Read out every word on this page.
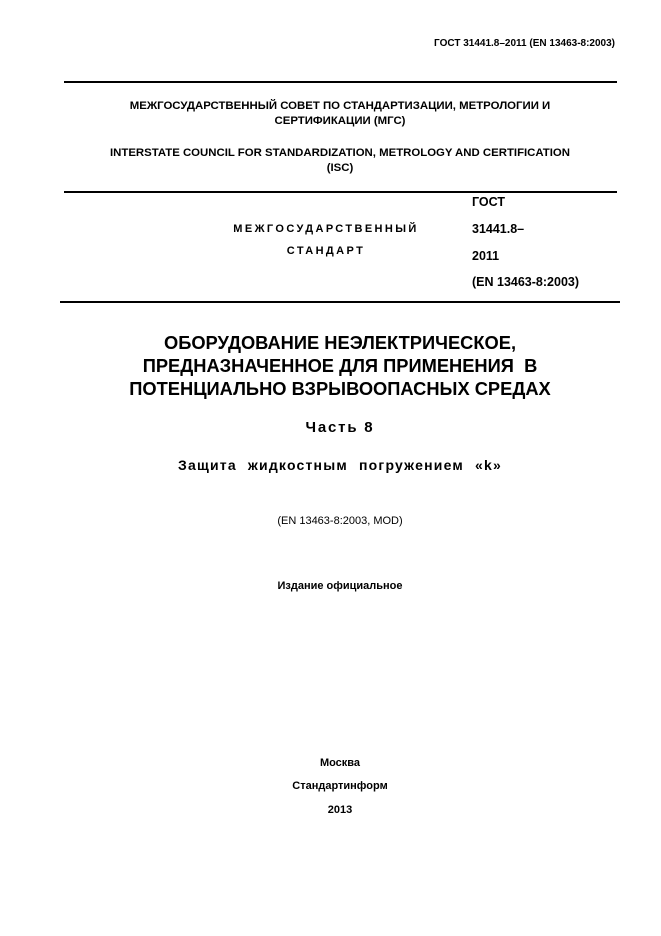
ГОСТ 31441.8–2011 (EN 13463-8:2003)
МЕЖГОСУДАРСТВЕННЫЙ СОВЕТ ПО СТАНДАРТИЗАЦИИ, МЕТРОЛОГИИ И
СЕРТИФИКАЦИИ (МГС)
INTERSTATE COUNCIL FOR STANDARDIZATION, METROLOGY AND CERTIFICATION
(ISC)
МЕЖГОСУДАРСТВЕННЫЙ
СТАНДАРТ
ГОСТ
31441.8–
2011
(EN 13463-8:2003)
ОБОРУДОВАНИЕ НЕЭЛЕКТРИЧЕСКОЕ,
ПРЕДНАЗНАЧЕННОЕ ДЛЯ ПРИМЕНЕНИЯ  В
ПОТЕНЦИАЛЬНО ВЗРЫВООПАСНЫХ СРЕДАХ
Часть 8
Защита жидкостным погружением «k»
(EN 13463-8:2003, MOD)
Издание официальное
Москва
Стандартинформ
2013
